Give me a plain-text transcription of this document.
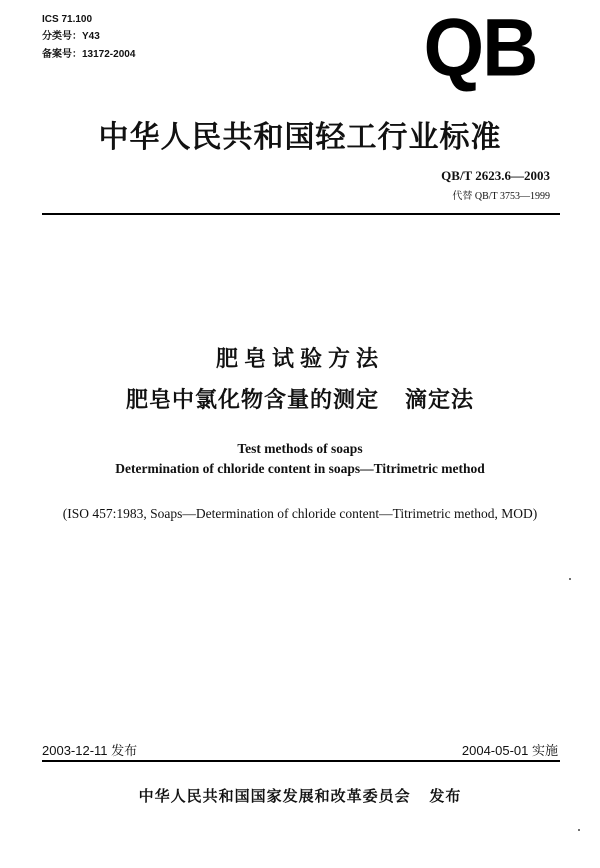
ICS 71.100
分类号：Y43
备案号：13172-2004	QB
中华人民共和国轻工行业标准
QB/T 2623.6—2003
代替 QB/T 3753—1999
肥皂试验方法
肥皂中氯化物含量的测定   滴定法
Test methods of soaps
Determination of chloride content in soaps—Titrimetric method
(ISO 457:1983, Soaps—Determination of chloride content—Titrimetric method, MOD)
2003-12-11 发布	2004-05-01 实施
中华人民共和国国家发展和改革委员会   发布
